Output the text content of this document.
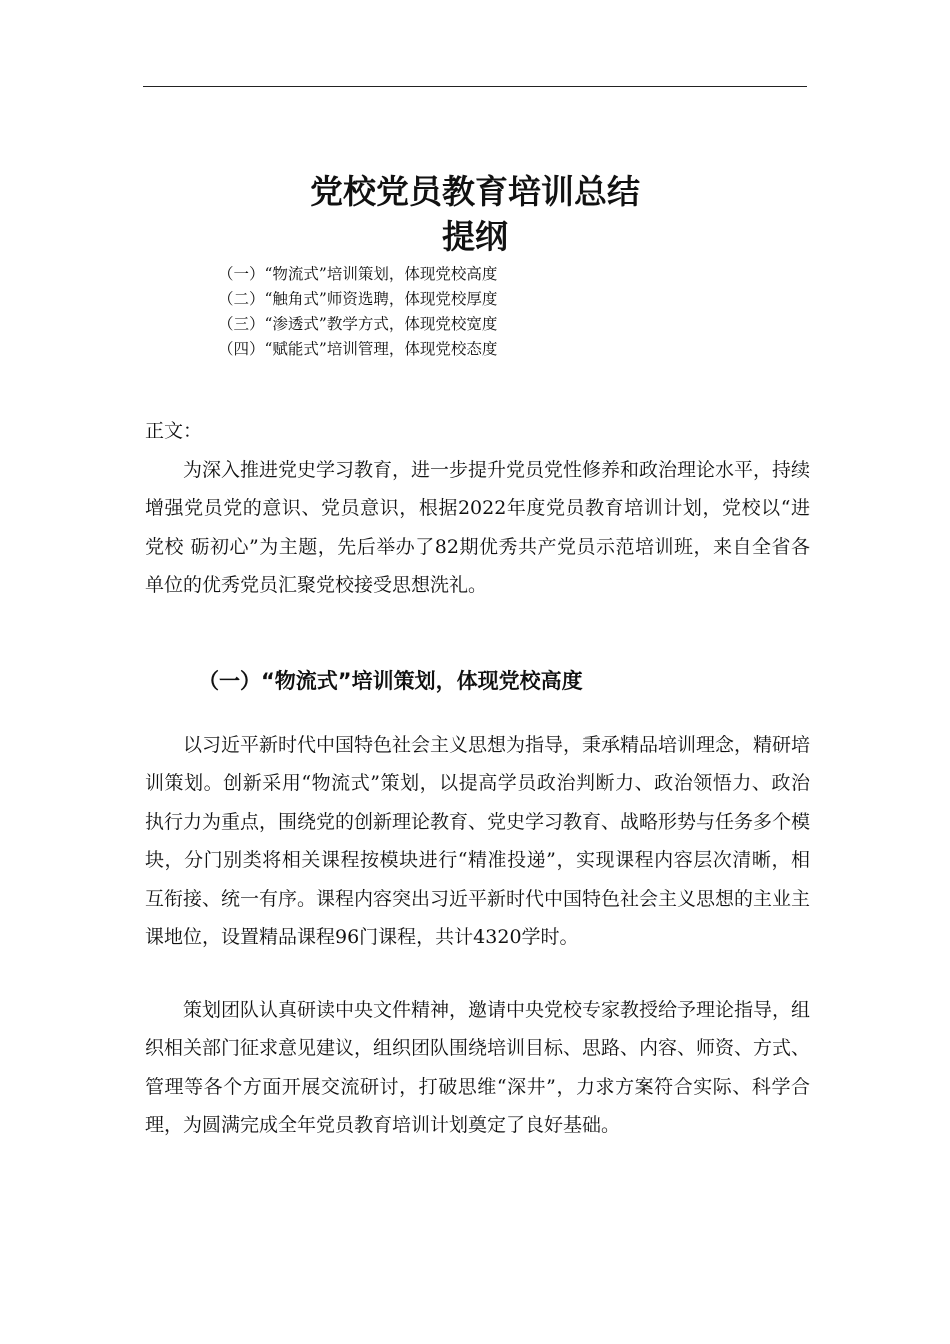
党校党员教育培训总结
提纲
（一）“物流式”培训策划，体现党校高度
（二）“触角式”师资选聘，体现党校厚度
（三）“渗透式”教学方式，体现党校宽度
（四）“赋能式”培训管理，体现党校态度
正文：

为深入推进党史学习教育，进一步提升党员党性修养和政治理论水平，持续增强党员党的意识、党员意识，根据2022年度党员教育培训计划，党校以“进党校 砺初心”为主题，先后举办了82期优秀共产党员示范培训班，来自全省各单位的优秀党员汇聚党校接受思想洗礼。

（一）“物流式”培训策划，体现党校高度

以习近平新时代中国特色社会主义思想为指导，秉承精品培训理念，精研培训策划。创新采用“物流式”策划，以提高学员政治判断力、政治领悟力、政治执行力为重点，围绕党的创新理论教育、党史学习教育、战略形势与任务多个模块，分门别类将相关课程按模块进行“精准投递”，实现课程内容层次清晰，相互衔接、统一有序。课程内容突出习近平新时代中国特色社会主义思想的主业主课地位，设置精品课程96门课程，共计4320学时。

策划团队认真研读中央文件精神，邀请中央党校专家教授给予理论指导，组织相关部门征求意见建议，组织团队围绕培训目标、思路、内容、师资、方式、管理等各个方面开展交流研讨，打破思维“深井”，力求方案符合实际、科学合理，为圆满完成全年党员教育培训计划奠定了良好基础。
